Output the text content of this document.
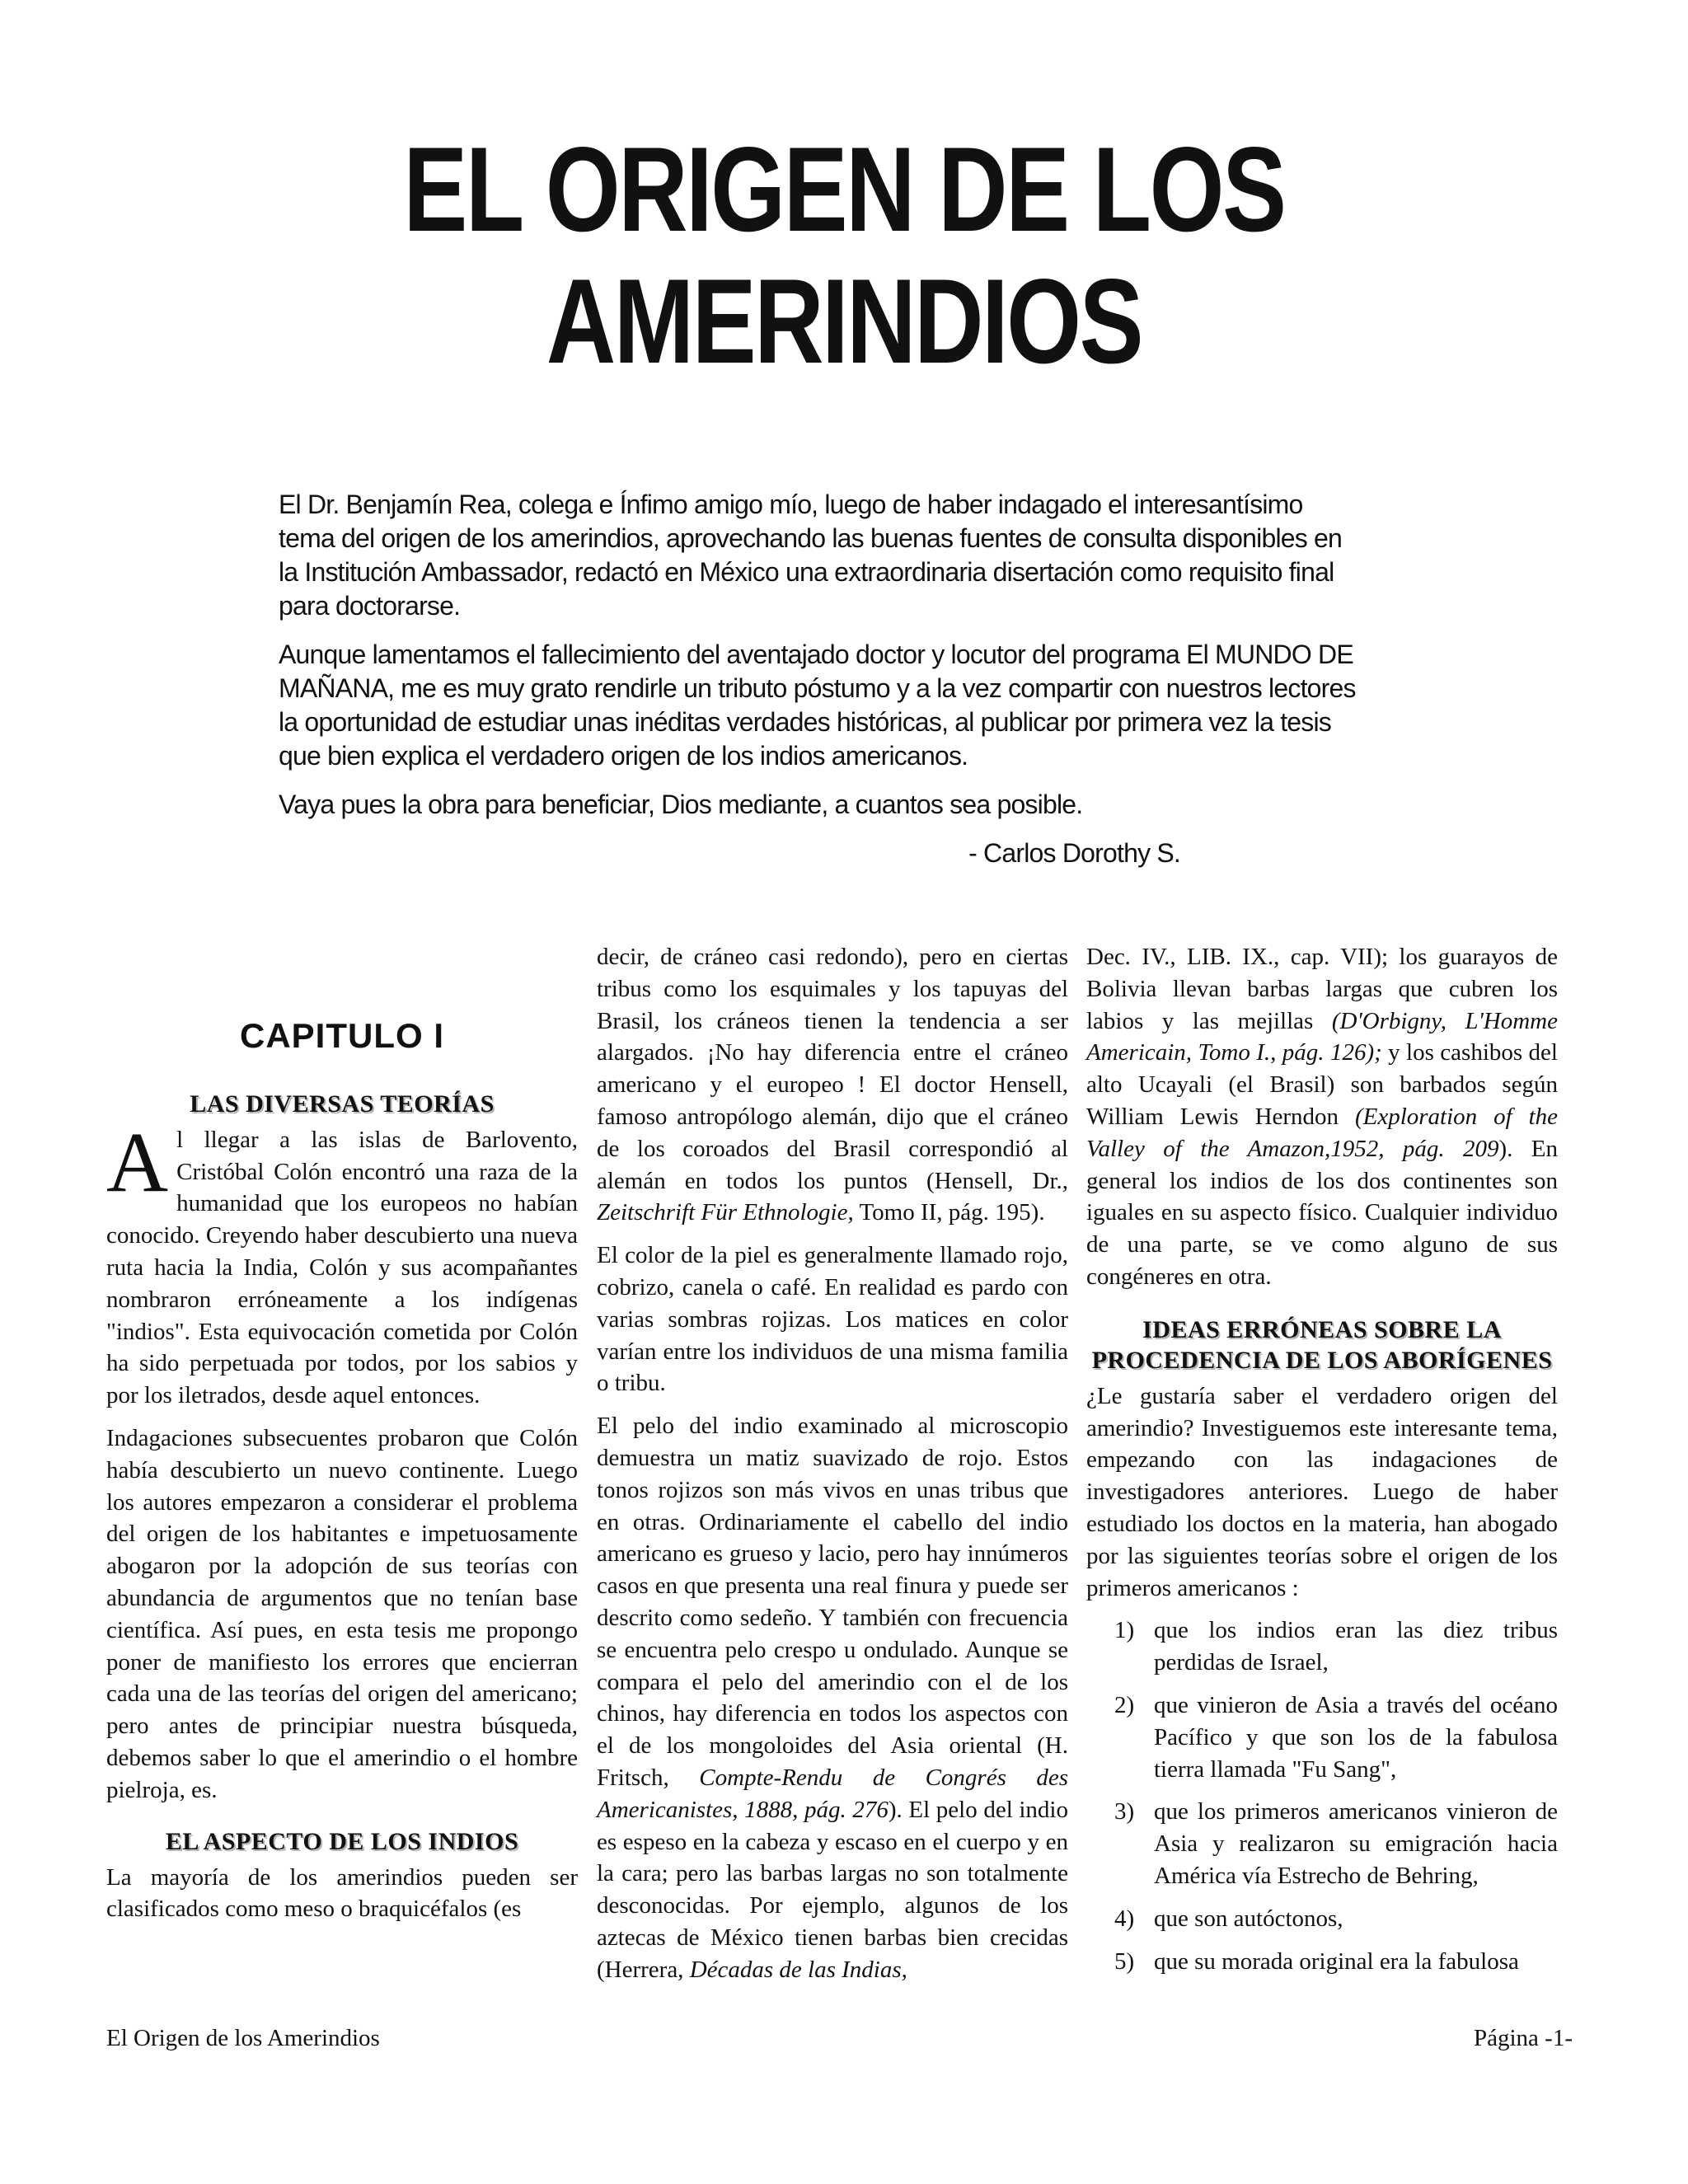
EL ORIGEN DE LOS
AMERINDIOS

El Dr. Benjamín Rea, colega e Ínfimo amigo mío, luego de haber indagado el interesantísimo tema del origen de los amerindios, aprovechando las buenas fuentes de consulta disponibles en la Institución Ambassador, redactó en México una extraordinaria disertación como requisito final para doctorarse.

Aunque lamentamos el fallecimiento del aventajado doctor y locutor del programa El MUNDO DE MAÑANA, me es muy grato rendirle un tributo póstumo y a la vez compartir con nuestros lectores la oportunidad de estudiar unas inéditas verdades históricas, al publicar por primera vez la tesis que bien explica el verdadero origen de los indios americanos.

Vaya pues la obra para beneficiar, Dios mediante, a cuantos sea posible.

- Carlos Dorothy S.

CAPITULO I
LAS DIVERSAS TEORÍAS

Al llegar a las islas de Barlovento, Cristóbal Colón encontró una raza de la humanidad que los europeos no habían conocido. Creyendo haber descubierto una nueva ruta hacia la India, Colón y sus acompañantes nombraron erróneamente a los indígenas "indios". Esta equivocación cometida por Colón ha sido perpetuada por todos, por los sabios y por los iletrados, desde aquel entonces.

Indagaciones subsecuentes probaron que Colón había descubierto un nuevo continente. Luego los autores empezaron a considerar el problema del origen de los habitantes e impetuosamente abogaron por la adopción de sus teorías con abundancia de argumentos que no tenían base científica. Así pues, en esta tesis me propongo poner de manifiesto los errores que encierran cada una de las teorías del origen del americano; pero antes de principiar nuestra búsqueda, debemos saber lo que el amerindio o el hombre pielroja, es.

EL ASPECTO DE LOS INDIOS

La mayoría de los amerindios pueden ser clasificados como meso o braquicéfalos (es

decir, de cráneo casi redondo), pero en ciertas tribus como los esquimales y los tapuyas del Brasil, los cráneos tienen la tendencia a ser alargados. ¡No hay diferencia entre el cráneo americano y el europeo ! El doctor Hensell, famoso antropólogo alemán, dijo que el cráneo de los coroados del Brasil correspondió al alemán en todos los puntos (Hensell, Dr., Zeitschrift Für Ethnologie, Tomo II, pág. 195).

El color de la piel es generalmente llamado rojo, cobrizo, canela o café. En realidad es pardo con varias sombras rojizas. Los matices en color varían entre los individuos de una misma familia o tribu.

El pelo del indio examinado al microscopio demuestra un matiz suavizado de rojo. Estos tonos rojizos son más vivos en unas tribus que en otras. Ordinariamente el cabello del indio americano es grueso y lacio, pero hay innúmeros casos en que presenta una real finura y puede ser descrito como sedeño. Y también con frecuencia se encuentra pelo crespo u ondulado. Aunque se compara el pelo del amerindio con el de los chinos, hay diferencia en todos los aspectos con el de los mongoloides del Asia oriental (H. Fritsch, Compte-Rendu de Congrés des Americanistes, 1888, pág. 276). El pelo del indio es espeso en la cabeza y escaso en el cuerpo y en la cara; pero las barbas largas no son totalmente desconocidas. Por ejemplo, algunos de los aztecas de México tienen barbas bien crecidas (Herrera, Décadas de las Indias,

Dec. IV., LIB. IX., cap. VII); los guarayos de Bolivia llevan barbas largas que cubren los labios y las mejillas (D'Orbigny, L'Homme Americain, Tomo I., pág. 126); y los cashibos del alto Ucayali (el Brasil) son barbados según William Lewis Herndon (Exploration of the Valley of the Amazon,1952, pág. 209). En general los indios de los dos continentes son iguales en su aspecto físico. Cualquier individuo de una parte, se ve como alguno de sus congéneres en otra.

IDEAS ERRÓNEAS SOBRE LA PROCEDENCIA DE LOS ABORÍGENES

¿Le gustaría saber el verdadero origen del amerindio? Investiguemos este interesante tema, empezando con las indagaciones de investigadores anteriores. Luego de haber estudiado los doctos en la materia, han abogado por las siguientes teorías sobre el origen de los primeros americanos :

1) que los indios eran las diez tribus perdidas de Israel,
2) que vinieron de Asia a través del océano Pacífico y que son los de la fabulosa tierra llamada "Fu Sang",
3) que los primeros americanos vinieron de Asia y realizaron su emigración hacia América vía Estrecho de Behring,
4) que son autóctonos,
5) que su morada original era la fabulosa
El Origen de los Amerindios	Página -1-
